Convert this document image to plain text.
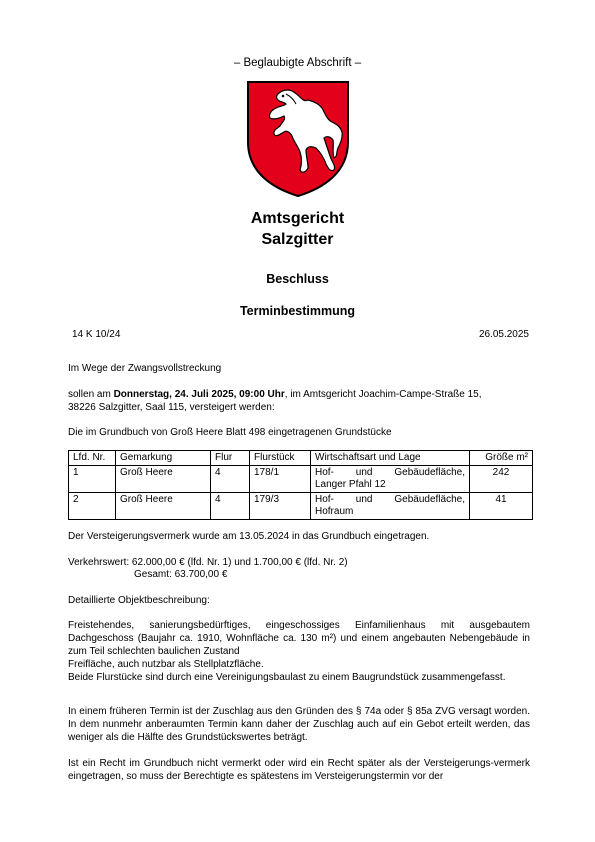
– Beglaubigte Abschrift –
Amtsgericht
Salzgitter
Beschluss
Terminbestimmung
14 K 10/24	26.05.2025
Im Wege der Zwangsvollstreckung
sollen am Donnerstag, 24. Juli 2025, 09:00 Uhr, im Amtsgericht Joachim-Campe-Straße 15,
38226 Salzgitter, Saal 115, versteigert werden:
Die im Grundbuch von Groß Heere Blatt 498 eingetragenen Grundstücke
Lfd. Nr.	Gemarkung	Flur	Flurstück	Wirtschaftsart und Lage	Größe m²
1	Groß Heere	4	178/1	Hof- und Gebäudefläche,
Langer Pfahl 12	242
2	Groß Heere	4	179/3	Hof- und Gebäudefläche,
Hofraum	41
Der Versteigerungsvermerk wurde am 13.05.2024 in das Grundbuch eingetragen.
Verkehrswert: 62.000,00 € (lfd. Nr. 1) und 1.700,00 € (lfd. Nr. 2)
Gesamt: 63.700,00 €
Detaillierte Objektbeschreibung:
Freistehendes, sanierungsbedürftiges, eingeschossiges Einfamilienhaus mit ausgebautem Dachgeschoss (Baujahr ca. 1910, Wohnfläche ca. 130 m²) und einem angebauten Nebengebäude in zum Teil schlechten baulichen Zustand
Freifläche, auch nutzbar als Stellplatzfläche.
Beide Flurstücke sind durch eine Vereinigungsbaulast zu einem Baugrundstück zusammengefasst.
In einem früheren Termin ist der Zuschlag aus den Gründen des § 74a oder § 85a ZVG versagt worden. In dem nunmehr anberaumten Termin kann daher der Zuschlag auch auf ein Gebot erteilt werden, das weniger als die Hälfte des Grundstückswertes beträgt.
Ist ein Recht im Grundbuch nicht vermerkt oder wird ein Recht später als der Versteigerungs-vermerk eingetragen, so muss der Berechtigte es spätestens im Versteigerungstermin vor der
